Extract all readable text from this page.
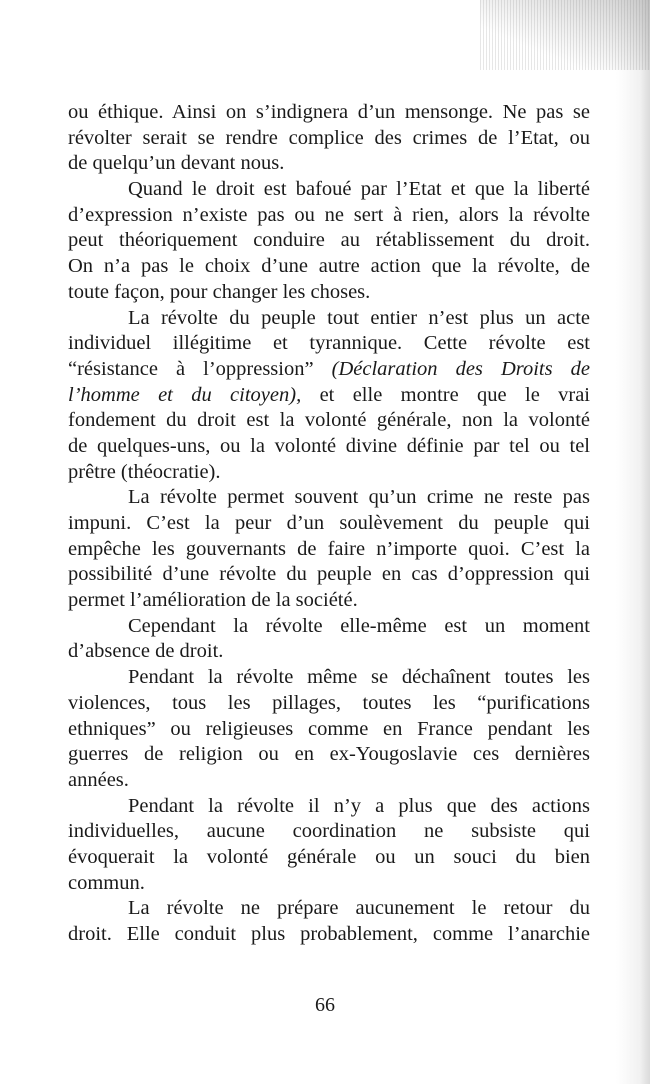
ou éthique. Ainsi on s’indignera d’un mensonge. Ne pas se
révolter serait se rendre complice des crimes de l’Etat, ou
de quelqu’un devant nous.
Quand le droit est bafoué par l’Etat et que la liberté
d’expression n’existe pas ou ne sert à rien, alors la révolte
peut théoriquement conduire au rétablissement du droit.
On n’a pas le choix d’une autre action que la révolte, de
toute façon, pour changer les choses.
La révolte du peuple tout entier n’est plus un acte
individuel illégitime et tyrannique. Cette révolte est
“résistance à l’oppression” (Déclaration des Droits de
l’homme et du citoyen), et elle montre que le vrai
fondement du droit est la volonté générale, non la volonté
de quelques-uns, ou la volonté divine définie par tel ou tel
prêtre (théocratie).
La révolte permet souvent qu’un crime ne reste pas
impuni. C’est la peur d’un soulèvement du peuple qui
empêche les gouvernants de faire n’importe quoi. C’est la
possibilité d’une révolte du peuple en cas d’oppression qui
permet l’amélioration de la société.
Cependant la révolte elle-même est un moment
d’absence de droit.
Pendant la révolte même se déchaînent toutes les
violences, tous les pillages, toutes les “purifications
ethniques” ou religieuses comme en France pendant les
guerres de religion ou en ex-Yougoslavie ces dernières
années.
Pendant la révolte il n’y a plus que des actions
individuelles, aucune coordination ne subsiste qui
évoquerait la volonté générale ou un souci du bien
commun.
La révolte ne prépare aucunement le retour du
droit. Elle conduit plus probablement, comme l’anarchie
66
